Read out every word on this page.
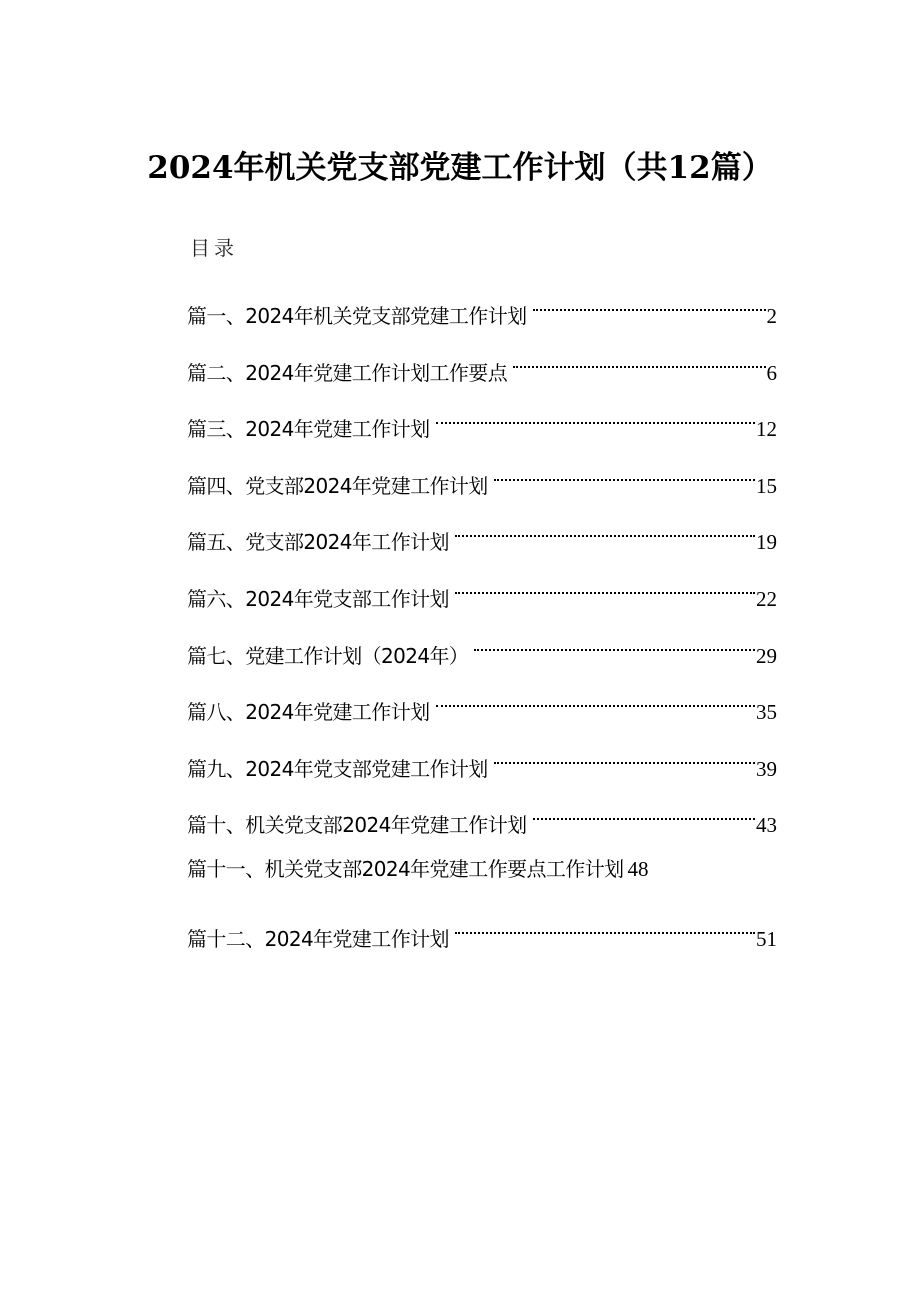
2024年机关党支部党建工作计划（共12篇）
目录
篇一、2024年机关党支部党建工作计划	2
篇二、2024年党建工作计划工作要点	6
篇三、2024年党建工作计划	12
篇四、党支部2024年党建工作计划	15
篇五、党支部2024年工作计划	19
篇六、2024年党支部工作计划	22
篇七、党建工作计划（2024年）	29
篇八、2024年党建工作计划	35
篇九、2024年党支部党建工作计划	39
篇十、机关党支部2024年党建工作计划	43
篇十一、机关党支部2024年党建工作要点工作计划 48
篇十二、2024年党建工作计划	51
